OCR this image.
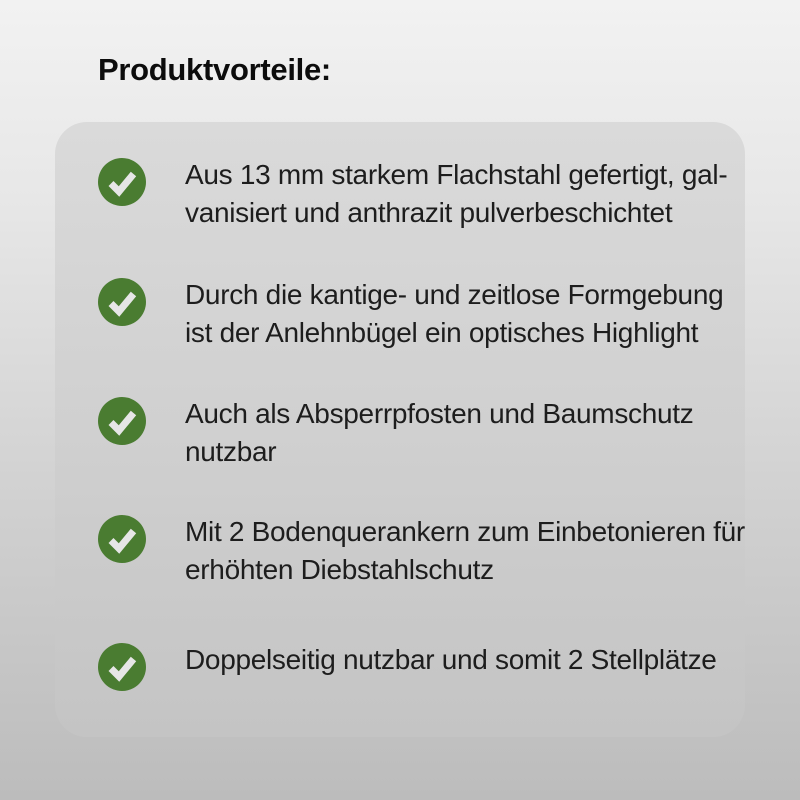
Produktvorteile:
Aus 13 mm starkem Flachstahl gefertigt, gal-
vanisiert und anthrazit pulverbeschichtet
Durch die kantige- und zeitlose Formgebung
ist der Anlehnbügel ein optisches Highlight
Auch als Absperrpfosten und Baumschutz
nutzbar
Mit 2 Bodenquerankern zum Einbetonieren für
erhöhten Diebstahlschutz
Doppelseitig nutzbar und somit 2 Stellplätze
